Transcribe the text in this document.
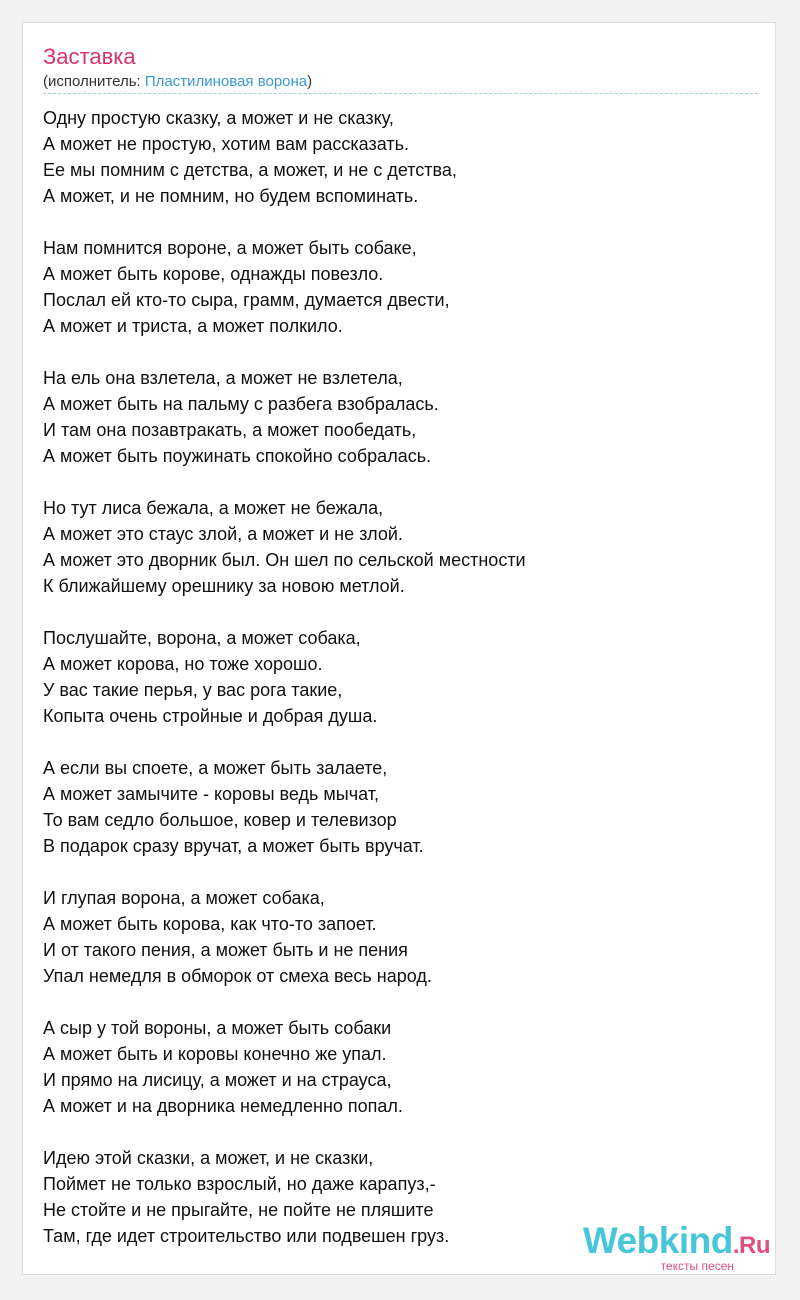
Заставка
(исполнитель: Пластилиновая ворона)
Одну простую сказку, а может и не сказку,
А может не простую, хотим вам рассказать.
Ее мы помним с детства, а может, и не с детства,
А может, и не помним, но будем вспоминать.
Нам помнится вороне, а может быть собаке,
А может быть корове, однажды повезло.
Послал ей кто-то сыра, грамм, думается двести,
А может и триста, а может полкило.
На ель она взлетела, а может не взлетела,
А может быть на пальму с разбега взобралась.
И там она позавтракать, а может пообедать,
А может быть поужинать спокойно собралась.
Но тут лиса бежала, а может не бежала,
А может это стаус злой, а может и не злой.
А может это дворник был. Он шел по сельской местности
К ближайшему орешнику за новою метлой.
Послушайте, ворона, а может собака,
А может корова, но тоже хорошо.
У вас такие перья, у вас рога такие,
Копыта очень стройные и добрая душа.
А если вы споете, а может быть залаете,
А может замычите - коровы ведь мычат,
То вам седло большое, ковер и телевизор
В подарок сразу вручат, а может быть вручат.
И глупая ворона, а может собака,
А может быть корова, как что-то запоет.
И от такого пения, а может быть и не пения
Упал немедля в обморок от смеха весь народ.
А сыр у той вороны, а может быть собаки
А может быть и коровы конечно же упал.
И прямо на лисицу, а может и на страуса,
А может и на дворника немедленно попал.
Идею этой сказки, а может, и не сказки,
Поймет не только взрослый, но даже карапуз,-
Не стойте и не прыгайте, не пойте не пляшите
Там, где идет строительство или подвешен груз.	Webkind.Ru
тексты песен
